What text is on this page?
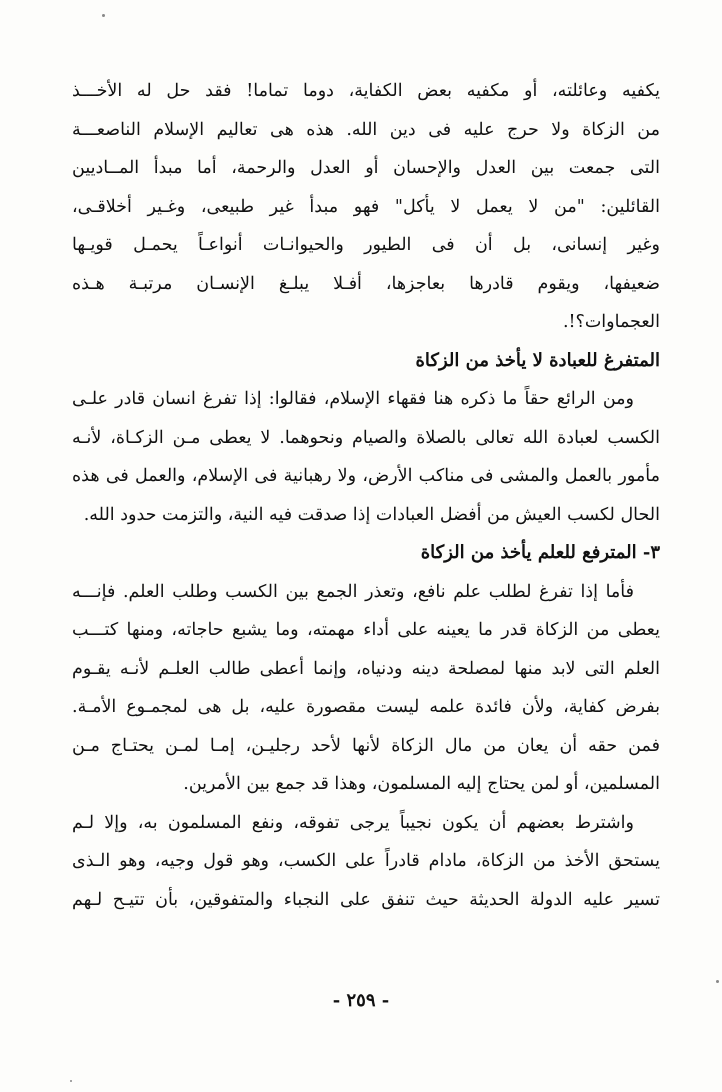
يكفيه وعائلته، أو مكفيه بعض الكفاية، دوما تماما! فقد حل له الأخـــذ
من الزكاة ولا حرج عليه فى دين الله. هذه هى تعاليم الإسلام الناصعـــة
التى جمعت بين العدل والإحسان أو العدل والرحمة، أما مبدأ المــاديين
القائلين: "من لا يعمل لا يأكل" فهو مبدأ غير طبيعى، وغـير أخلاقـى،
وغير إنسانى، بل أن فى الطيور والحيوانـات أنواعـاً يحمـل قويـها
ضعيفها، ويقوم قادرها بعاجزها، أفـلا يبلـغ الإنسـان مرتبـة هـذه
العجماوات؟!.
المتفرغ للعبادة لا يأخذ من الزكاة
ومن الرائع حقاً ما ذكره هنا فقهاء الإسلام، فقالوا: إذا تفرغ انسان قادر علـى
الكسب لعبادة الله تعالى بالصلاة والصيام ونحوهما. لا يعطى مـن الزكـاة، لأنـه
مأمور بالعمل والمشى فى مناكب الأرض، ولا رهبانية فى الإسلام، والعمل فى هذه
الحال لكسب العيش من أفضل العبادات إذا صدقت فيه النية، والتزمت حدود الله.
٣- المترفع للعلم يأخذ من الزكاة
فأما إذا تفرغ لطلب علم نافع، وتعذر الجمع بين الكسب وطلب العلم. فإنـــه
يعطى من الزكاة قدر ما يعينه على أداء مهمته، وما يشبع حاجاته، ومنها كتـــب
العلم التى لابد منها لمصلحة دينه ودنياه، وإنما أعطى طالب العلـم لأنـه يقـوم
بفرض كفاية، ولأن فائدة علمه ليست مقصورة عليه، بل هى لمجمـوع الأمـة.
فمن حقه أن يعان من مال الزكاة لأنها لأحد رجليـن، إمـا لمـن يحتـاج مـن
المسلمين، أو لمن يحتاج إليه المسلمون، وهذا قد جمع بين الأمرين.
واشترط بعضهم أن يكون نجيباً يرجى تفوقه، ونفع المسلمون به، وإلا لـم
يستحق الأخذ من الزكاة، مادام قادراً على الكسب، وهو قول وجيه، وهو الـذى
تسير عليه الدولة الحديثة حيث تنفق على النجباء والمتفوقين، بأن تتيـح لـهم
- ٢٥٩ -
